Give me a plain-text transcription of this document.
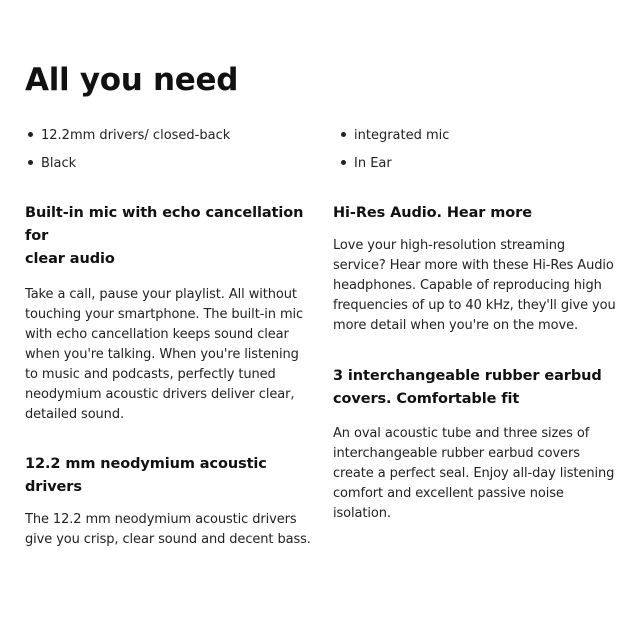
All you need
12.2mm drivers/ closed-back	integrated mic
Black	In Ear
Built-in mic with echo cancellation for
clear audio

Take a call, pause your playlist. All without
touching your smartphone. The built-in mic
with echo cancellation keeps sound clear
when you're talking. When you're listening
to music and podcasts, perfectly tuned
neodymium acoustic drivers deliver clear,
detailed sound.

12.2 mm neodymium acoustic drivers

The 12.2 mm neodymium acoustic drivers
give you crisp, clear sound and decent bass.

Hi-Res Audio. Hear more

Love your high-resolution streaming
service? Hear more with these Hi-Res Audio
headphones. Capable of reproducing high
frequencies of up to 40 kHz, they'll give you
more detail when you're on the move.

3 interchangeable rubber earbud
covers. Comfortable fit

An oval acoustic tube and three sizes of
interchangeable rubber earbud covers
create a perfect seal. Enjoy all-day listening
comfort and excellent passive noise
isolation.
